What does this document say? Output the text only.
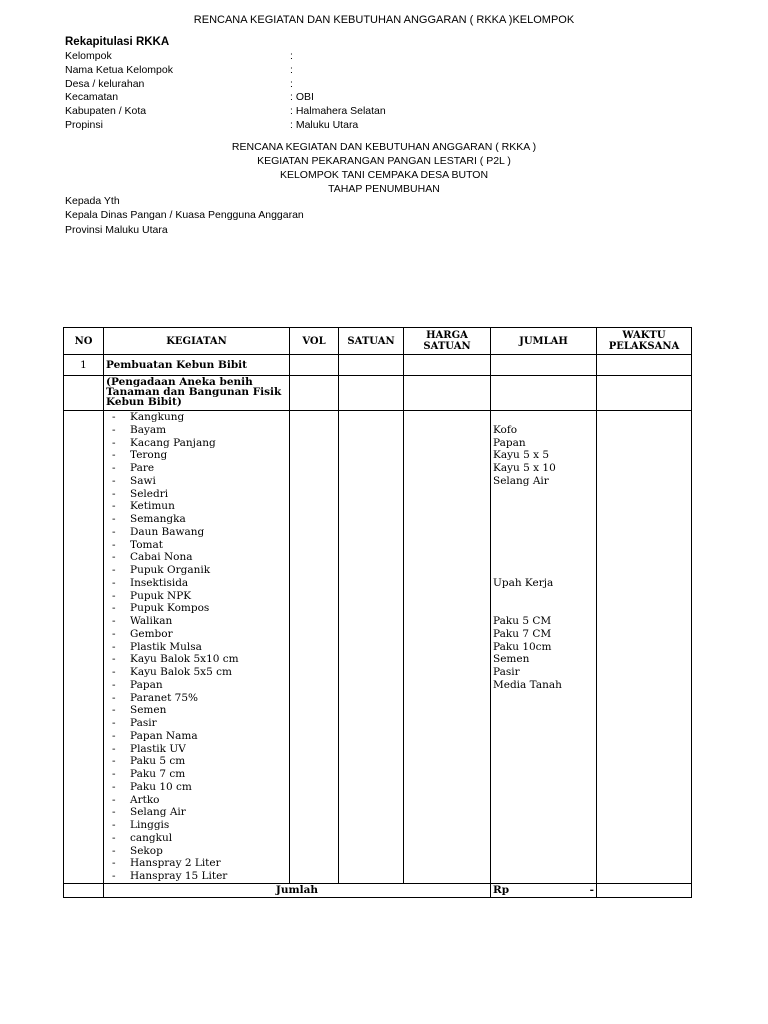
RENCANA KEGIATAN DAN KEBUTUHAN ANGGARAN ( RKKA )KELOMPOK
Rekapitulasi RKKA
Kelompok	:
Nama Ketua Kelompok	:
Desa / kelurahan	:
Kecamatan	: OBI
Kabupaten / Kota	: Halmahera Selatan
Propinsi	: Maluku Utara
RENCANA KEGIATAN DAN KEBUTUHAN ANGGARAN ( RKKA )
KEGIATAN PEKARANGAN PANGAN LESTARI ( P2L )
KELOMPOK TANI CEMPAKA DESA BUTON
TAHAP PENUMBUHAN
Kepada Yth
Kepala Dinas Pangan / Kuasa Pengguna Anggaran
Provinsi Maluku Utara
NO	KEGIATAN	VOL	SATUAN	HARGA SATUAN	JUMLAH	WAKTU PELAKSANA
1	Pembuatan Kebun Bibit					

	(Pengadaan Aneka benih Tanaman dan Bangunan Fisik Kebun Bibit)					

	- Kangkung					
	- Bayam				Kofo	
	- Kacang Panjang				Papan	
	- Terong				Kayu 5 x 5	
	- Pare				Kayu 5 x 10	
	- Sawi				Selang Air	
	- Seledri					
	- Ketimun					
	- Semangka					
	- Daun Bawang					
	- Tomat					
	- Cabai Nona					
	- Pupuk Organik					
	- Insektisida				Upah Kerja	
	- Pupuk NPK					
	- Pupuk Kompos					
	- Walikan				Paku 5 CM	
	- Gembor				Paku 7 CM	
	- Plastik Mulsa				Paku 10cm	
	- Kayu Balok 5x10 cm				Semen	
	- Kayu Balok 5x5 cm				Pasir	
	- Papan				Media Tanah	
	- Paranet 75%					
	- Semen					
	- Pasir					
	- Papan Nama					
	- Plastik UV					
	- Paku 5 cm					
	- Paku 7 cm					
	- Paku 10 cm					
	- Artko					
	- Selang Air					
	- Linggis					
	- cangkul					
	- Sekop					
	- Hanspray 2 Liter					
	- Hanspray 15 Liter					
	Jumlah				Rp -	
